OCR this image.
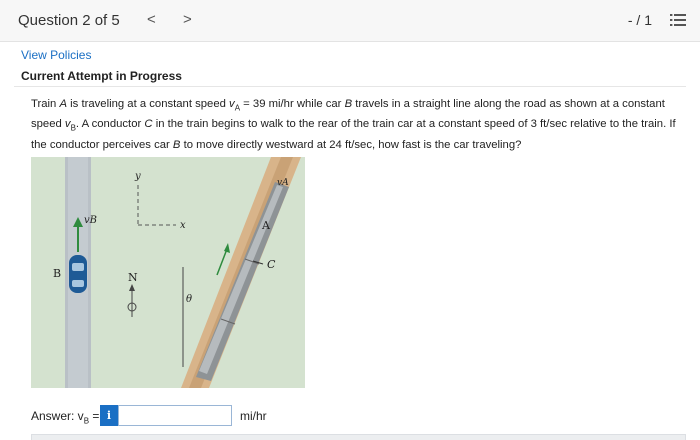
Question 2 of 5 < >	- / 1
View Policies
Current Attempt in Progress

Train A is traveling at a constant speed $v_A = 39$ mi/hr while car B travels in a straight line along the road as shown at a constant speed $v_B$. A conductor C in the train begins to walk to the rear of the train car at a constant speed of 3 ft/sec relative to the train. If the conductor perceives car B to move directly westward at 24 ft/sec, how fast is the car traveling?

vB
B
y
x
N
θ
vA
A
C
Answer: $v_B = i$	mi/hr
